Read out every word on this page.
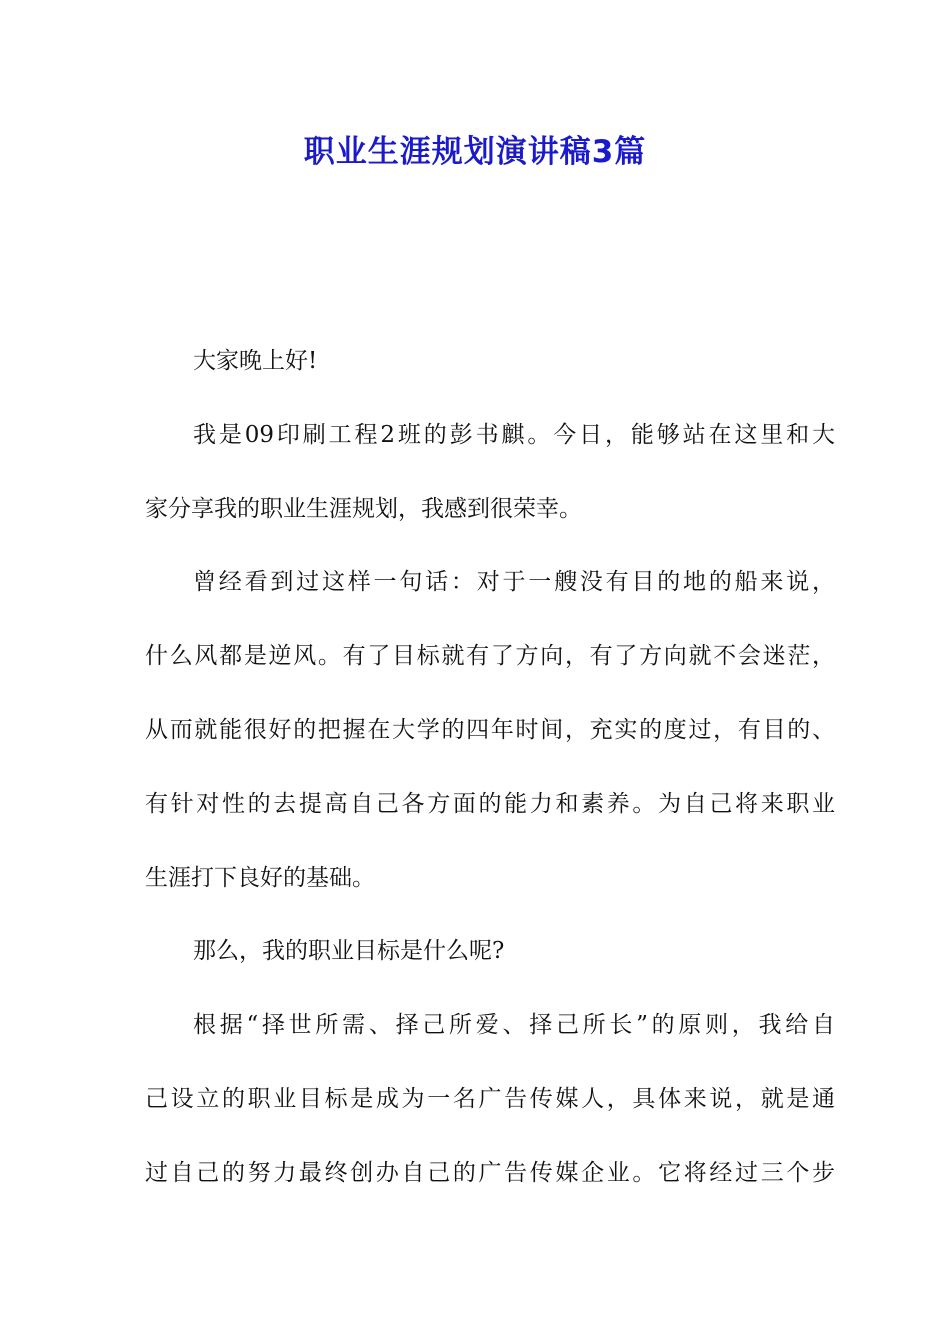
职业生涯规划演讲稿3篇
大家晚上好!
我是09印刷工程2班的彭书麒。今日，能够站在这里和大
家分享我的职业生涯规划，我感到很荣幸。
曾经看到过这样一句话：对于一艘没有目的地的船来说，
什么风都是逆风。有了目标就有了方向，有了方向就不会迷茫，
从而就能很好的把握在大学的四年时间，充实的度过，有目的、
有针对性的去提高自己各方面的能力和素养。为自己将来职业
生涯打下良好的基础。
那么，我的职业目标是什么呢?
根据“择世所需、择己所爱、择己所长”的原则，我给自
己设立的职业目标是成为一名广告传媒人，具体来说，就是通
过自己的努力最终创办自己的广告传媒企业。它将经过三个步
